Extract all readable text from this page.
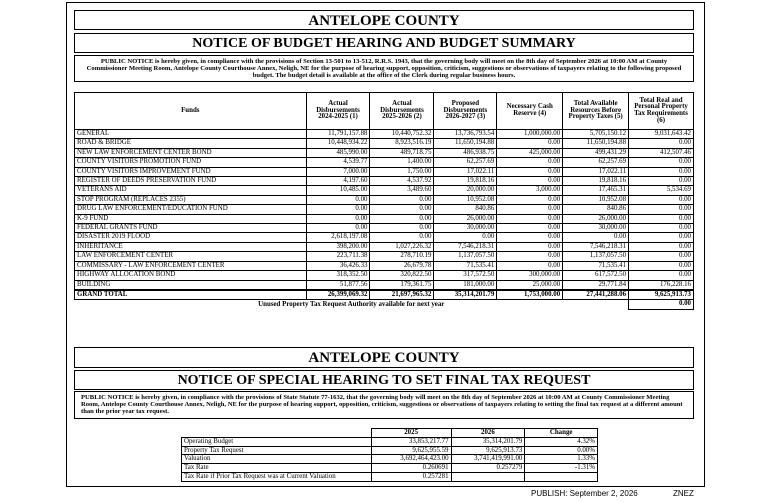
ANTELOPE COUNTY
NOTICE OF BUDGET HEARING AND BUDGET SUMMARY
PUBLIC NOTICE is hereby given, in compliance with the provisions of Section 13-501 to 13-512, R.R.S. 1943, that the governing body will meet on the 8th day of September 2026 at 10:00 AM at County Commissioner Meeting Room, Antelope County Courthouse Annex, Neligh, NE for the purpose of hearing support, opposition, criticism, suggestions or observations of taxpayers relating to the following proposed budget. The budget detail is available at the office of the Clerk during regular business hours.
Funds	Actual Disbursements 2024-2025 (1)	Actual Disbursements 2025-2026 (2)	Proposed Disbursements 2026-2027 (3)	Necessary Cash Reserve (4)	Total Available Resources Before Property Taxes (5)	Total Real and Personal Property Tax Requirements (6)
GENERAL	11,791,157.88	10,440,752.32	13,736,793.54	1,000,000.00	5,705,150.12	9,031,643.42
ROAD & BRIDGE	10,448,934.22	8,923,516.19	11,650,194.88	0.00	11,650,194.88	0.00
NEW LAW ENFORCEMENT CENTER BOND	485,990.00	489,718.75	486,938.75	425,000.00	499,431.29	412,507.46
COUNTY VISITORS PROMOTION FUND	4,539.77	1,400.00	62,257.69	0.00	62,257.69	0.00
COUNTY VISITORS IMPROVEMENT FUND	7,000.00	1,750.00	17,022.11	0.00	17,022.11	0.00
REGISTER OF DEEDS PRESERVATION FUND	4,197.60	4,537.92	19,818.16	0.00	19,818.16	0.00
VETERANS AID	10,485.00	3,489.60	20,000.00	3,000.00	17,465.31	5,534.69
STOP PROGRAM (REPLACES 2355)	0.00	0.00	10,952.08	0.00	10,952.08	0.00
DRUG LAW ENFORCEMENT/EDUCATION FUND	0.00	0.00	840.86	0.00	840.86	0.00
K-9 FUND	0.00	0.00	26,000.00	0.00	26,000.00	0.00
FEDERAL GRANTS FUND	0.00	0.00	30,000.00	0.00	30,000.00	0.00
DISASTER 2019 FLOOD	2,618,197.08	0.00	0.00	0.00	0.00	0.00
INHERITANCE	398,200.00	1,027,226.32	7,546,218.31	0.00	7,546,218.31	0.00
LAW ENFORCEMENT CENTER	223,711.38	278,710.19	1,137,057.50	0.00	1,137,057.50	0.00
COMMISSARY - LAW ENFORCEMENT CENTER	36,426.33	26,679.78	71,535.41	0.00	71,535.41	0.00
HIGHWAY ALLOCATION BOND	318,352.50	320,822.50	317,572.50	300,000.00	617,572.50	0.00
BUILDING	51,877.56	179,361.75	181,000.00	25,000.00	29,771.84	176,228.16
GRAND TOTAL	26,399,069.32	21,697,965.32	35,314,201.79	1,753,000.00	27,441,288.06	9,625,913.73
Unused Property Tax Request Authority available for next year						0.00
ANTELOPE COUNTY
NOTICE OF SPECIAL HEARING TO SET FINAL TAX REQUEST
PUBLIC NOTICE is hereby given, in compliance with the provisions of State Statute 77-1632, that the governing body will meet on the 8th day of September 2026 at 10:00 AM at County Commissioner Meeting Room, Antelope County Courthouse Annex, Neligh, NE for the purpose of hearing support, opposition, criticism, suggestions or observations of taxpayers relating to setting the final tax request at a different amount than the prior year tax request.
	2025	2026	Change
Operating Budget	33,853,217.77	35,314,201.79	4.32%
Property Tax Request	9,625,955.59	9,625,913.73	0.00%
Valuation	3,692,464,423.00	3,741,419,991.00	1.33%
Tax Rate	0.260691	0.257279	-1.31%
Tax Rate if Prior Tax Request was at Current Valuation	0.257281		
PUBLISH: September 2, 2026	ZNEZ
